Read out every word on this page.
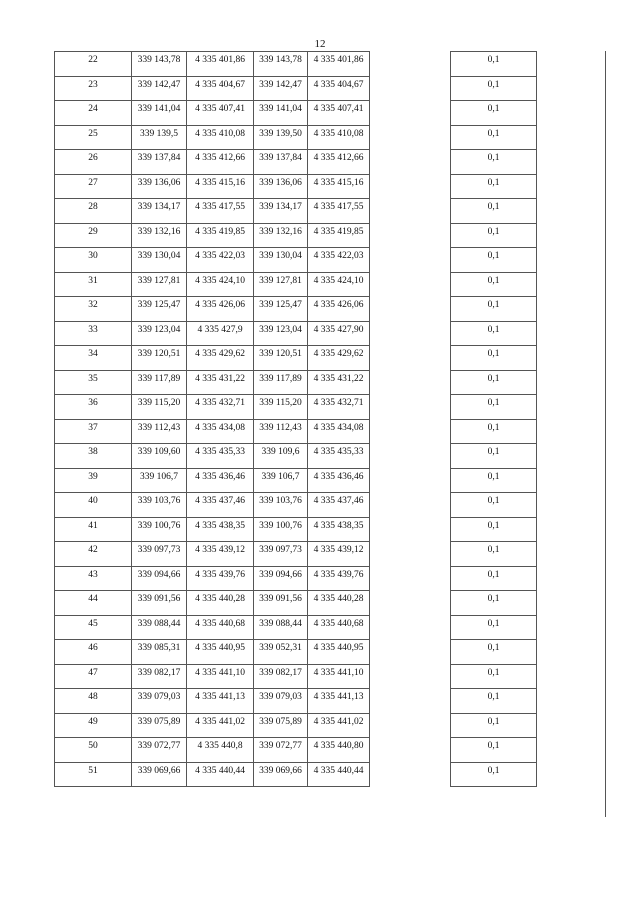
12
22	339 143,78	4 335 401,86	339 143,78	4 335 401,86		0,1
23	339 142,47	4 335 404,67	339 142,47	4 335 404,67		0,1
24	339 141,04	4 335 407,41	339 141,04	4 335 407,41		0,1
25	339 139,5	4 335 410,08	339 139,50	4 335 410,08		0,1
26	339 137,84	4 335 412,66	339 137,84	4 335 412,66		0,1
27	339 136,06	4 335 415,16	339 136,06	4 335 415,16		0,1
28	339 134,17	4 335 417,55	339 134,17	4 335 417,55		0,1
29	339 132,16	4 335 419,85	339 132,16	4 335 419,85		0,1
30	339 130,04	4 335 422,03	339 130,04	4 335 422,03		0,1
31	339 127,81	4 335 424,10	339 127,81	4 335 424,10		0,1
32	339 125,47	4 335 426,06	339 125,47	4 335 426,06		0,1
33	339 123,04	4 335 427,9	339 123,04	4 335 427,90		0,1
34	339 120,51	4 335 429,62	339 120,51	4 335 429,62		0,1
35	339 117,89	4 335 431,22	339 117,89	4 335 431,22		0,1
36	339 115,20	4 335 432,71	339 115,20	4 335 432,71		0,1
37	339 112,43	4 335 434,08	339 112,43	4 335 434,08		0,1
38	339 109,60	4 335 435,33	339 109,6	4 335 435,33		0,1
39	339 106,7	4 335 436,46	339 106,7	4 335 436,46		0,1
40	339 103,76	4 335 437,46	339 103,76	4 335 437,46		0,1
41	339 100,76	4 335 438,35	339 100,76	4 335 438,35		0,1
42	339 097,73	4 335 439,12	339 097,73	4 335 439,12		0,1
43	339 094,66	4 335 439,76	339 094,66	4 335 439,76		0,1
44	339 091,56	4 335 440,28	339 091,56	4 335 440,28		0,1
45	339 088,44	4 335 440,68	339 088,44	4 335 440,68		0,1
46	339 085,31	4 335 440,95	339 052,31	4 335 440,95		0,1
47	339 082,17	4 335 441,10	339 082,17	4 335 441,10		0,1
48	339 079,03	4 335 441,13	339 079,03	4 335 441,13		0,1
49	339 075,89	4 335 441,02	339 075,89	4 335 441,02		0,1
50	339 072,77	4 335 440,8	339 072,77	4 335 440,80		0,1
51	339 069,66	4 335 440,44	339 069,66	4 335 440,44		0,1
